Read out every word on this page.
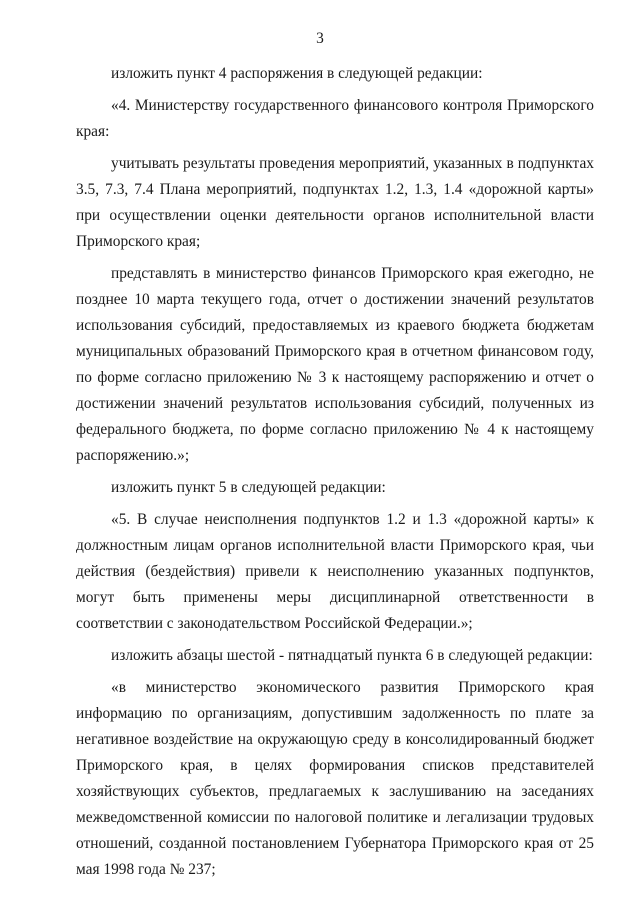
3

изложить пункт 4 распоряжения в следующей редакции:

«4. Министерству государственного финансового контроля Приморского края:

учитывать результаты проведения мероприятий, указанных в подпунктах 3.5, 7.3, 7.4 Плана мероприятий, подпунктах 1.2, 1.3, 1.4 «дорожной карты» при осуществлении оценки деятельности органов исполнительной власти Приморского края;

представлять в министерство финансов Приморского края ежегодно, не позднее 10 марта текущего года, отчет о достижении значений результатов использования субсидий, предоставляемых из краевого бюджета бюджетам муниципальных образований Приморского края в отчетном финансовом году, по форме согласно приложению № 3 к настоящему распоряжению и отчет о достижении значений результатов использования субсидий, полученных из федерального бюджета, по форме согласно приложению № 4 к настоящему распоряжению.»;

изложить пункт 5 в следующей редакции:

«5. В случае неисполнения подпунктов 1.2 и 1.3 «дорожной карты» к должностным лицам органов исполнительной власти Приморского края, чьи действия (бездействия) привели к неисполнению указанных подпунктов, могут быть применены меры дисциплинарной ответственности в соответствии с законодательством Российской Федерации.»;

изложить абзацы шестой - пятнадцатый пункта 6 в следующей редакции:

«в министерство экономического развития Приморского края информацию по организациям, допустившим задолженность по плате за негативное воздействие на окружающую среду в консолидированный бюджет Приморского края, в целях формирования списков представителей хозяйствующих субъектов, предлагаемых к заслушиванию на заседаниях межведомственной комиссии по налоговой политике и легализации трудовых отношений, созданной постановлением Губернатора Приморского края от 25 мая 1998 года № 237;
